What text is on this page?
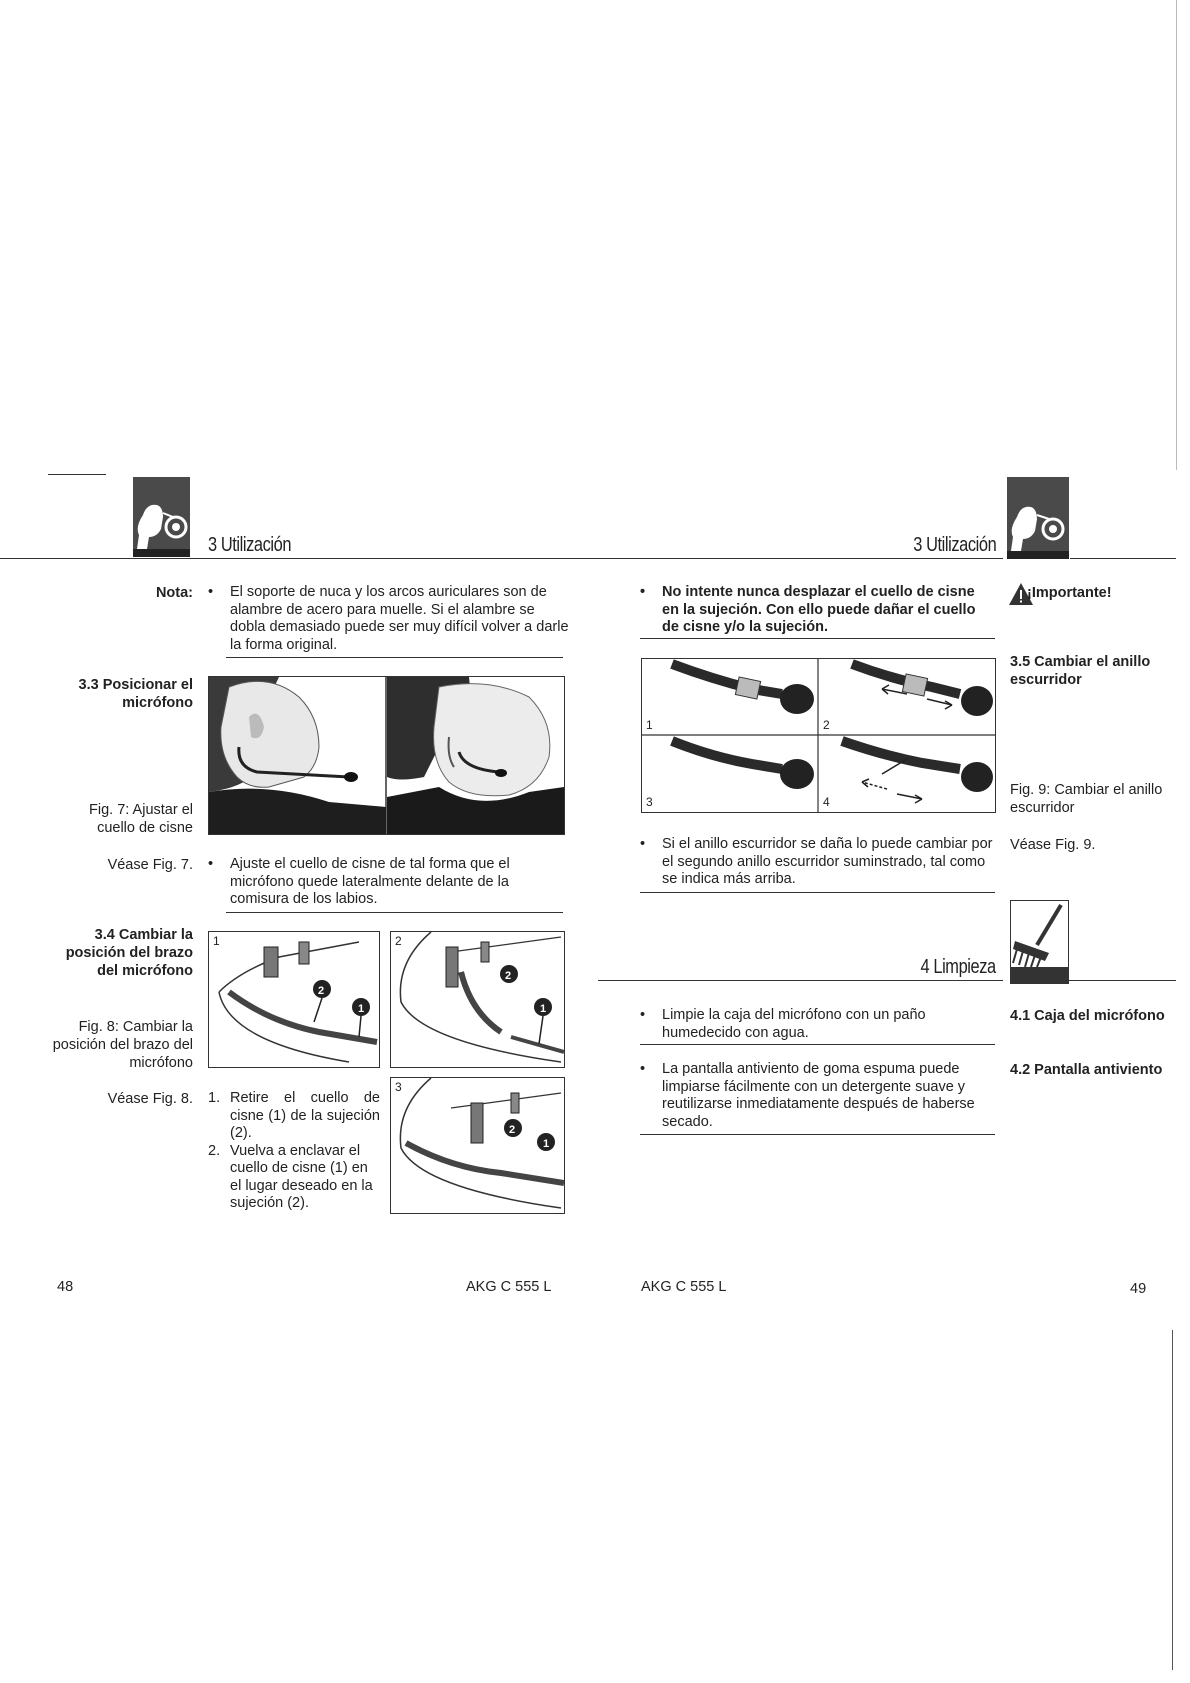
3 Utilización
Nota:
3.3 Posicionar el micrófono
Fig. 7: Ajustar el cuello de cisne
Véase Fig. 7.
3.4 Cambiar la posición del brazo del micrófono
Fig. 8: Cambiar la posición del brazo del micrófono
Véase Fig. 8.
• El soporte de nuca y los arcos auriculares son de alambre de acero para muelle. Si el alambre se dobla demasiado puede ser muy difícil volver a darle la forma original.
• Ajuste el cuello de cisne de tal forma que el micrófono quede lateralmente delante de la comisura de los labios.
1
2
1
2
2
1
3
2
1
1. Retire el cuello de cisne (1) de la sujeción (2).
2. Vuelva a enclavar el cuello de cisne (1) en el lugar deseado en la sujeción (2).
48	AKG C 555 L
3 Utilización
• No intente nunca desplazar el cuello de cisne en la sujeción. Con ello puede dañar el cuello de cisne y/o la sujeción.
¡Importante!
3.5 Cambiar el anillo escurridor
Fig. 9: Cambiar el anillo escurridor
Véase Fig. 9.
1	2
3	4
• Si el anillo escurridor se daña lo puede cambiar por el segundo anillo escurridor suminstrado, tal como se indica más arriba.
4 Limpieza
4.1 Caja del micrófono
4.2 Pantalla antiviento
• Limpie la caja del micrófono con un paño humedecido con agua.
• La pantalla antiviento de goma espuma puede limpiarse fácilmente con un detergente suave y reutilizarse inmediatamente después de haberse secado.
AKG C 555 L	49
